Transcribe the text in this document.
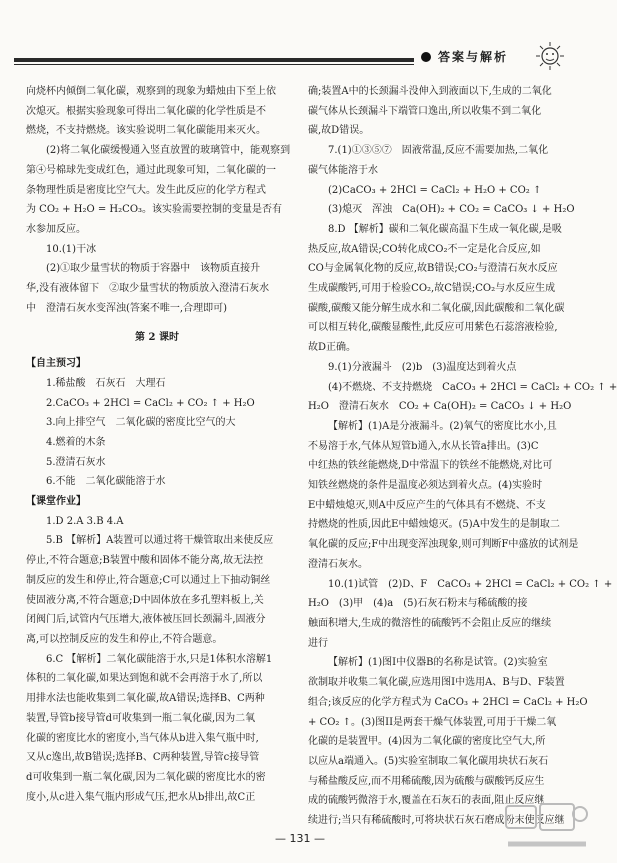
答案与解析

向烧杯内倾倒二氧化碳，观察到的现象为蜡烛由下至上依

次熄灭。根据实验现象可得出二氧化碳的化学性质是不

燃烧，不支持燃烧。该实验说明二氧化碳能用来灭火。

(2)将二氧化碳缓慢通入竖直放置的玻璃管中，能观察到

第④号棉球先变成红色，通过此现象可知，二氧化碳的一

条物理性质是密度比空气大。发生此反应的化学方程式

为 CO₂ + H₂O = H₂CO₃。该实验需要控制的变量是否有

水参加反应。

10.(1)干冰

(2)①取少量雪状的物质于容器中　该物质直接升

华,没有液体留下　②取少量雪状的物质放入澄清石灰水

中　澄清石灰水变浑浊(答案不唯一,合理即可)

第 2 课时

【自主预习】

1.稀盐酸　石灰石　大理石

2.CaCO₃ + 2HCl = CaCl₂ + CO₂ ↑ + H₂O

3.向上排空气　二氧化碳的密度比空气的大

4.燃着的木条

5.澄清石灰水

6.不能　二氧化碳能溶于水

【课堂作业】

1.D 2.A 3.B 4.A

5.B 【解析】A装置可以通过将干燥管取出来使反应

停止,不符合题意;B装置中酸和固体不能分离,故无法控

制反应的发生和停止,符合题意;C可以通过上下抽动铜丝

使固液分离,不符合题意;D中固体放在多孔塑料板上,关

闭阀门后,试管内气压增大,液体被压回长颈漏斗,固液分

离,可以控制反应的发生和停止,不符合题意。

6.C 【解析】二氧化碳能溶于水,只是1体积水溶解1

体积的二氧化碳,如果达到饱和就不会再溶于水了,所以

用排水法也能收集到二氧化碳,故A错误;选择B、C两种

装置,导管b接导管d可收集到一瓶二氧化碳,因为二氧

化碳的密度比水的密度小,当气体从b进入集气瓶中时,

又从c逸出,故B错误;选择B、C两种装置,导管c接导管

d可收集到一瓶二氧化碳,因为二氧化碳的密度比水的密

度小,从c进入集气瓶内形成气压,把水从b排出,故C正

确;装置A中的长颈漏斗没伸入到液面以下,生成的二氧化

碳气体从长颈漏斗下端管口逸出,所以收集不到二氧化

碳,故D错误。

7.(1)①③⑤⑦　固液常温,反应不需要加热,二氧化

碳气体能溶于水

(2)CaCO₃ + 2HCl = CaCl₂ + H₂O + CO₂ ↑

(3)熄灭　浑浊　Ca(OH)₂ + CO₂ = CaCO₃ ↓ + H₂O

8.D 【解析】碳和二氧化碳高温下生成一氧化碳,是吸

热反应,故A错误;CO转化成CO₂不一定是化合反应,如

CO与金属氧化物的反应,故B错误;CO₂与澄清石灰水反应

生成碳酸钙,可用于检验CO₂,故C错误;CO₂与水反应生成

碳酸,碳酸又能分解生成水和二氧化碳,因此碳酸和二氧化碳

可以相互转化,碳酸显酸性,此反应可用紫色石蕊溶液检验,

故D正确。

9.(1)分液漏斗　(2)b　(3)温度达到着火点

(4)不燃烧、不支持燃烧　CaCO₃ + 2HCl = CaCl₂ + CO₂ ↑ +

H₂O　澄清石灰水　CO₂ + Ca(OH)₂ = CaCO₃ ↓ + H₂O

【解析】(1)A是分液漏斗。(2)氧气的密度比水小,且

不易溶于水,气体从短管b通入,水从长管a排出。(3)C

中红热的铁丝能燃烧,D中常温下的铁丝不能燃烧,对比可

知铁丝燃烧的条件是温度必须达到着火点。(4)实验时

E中蜡烛熄灭,则A中反应产生的气体具有不燃烧、不支

持燃烧的性质,因此E中蜡烛熄灭。(5)A中发生的是制取二

氧化碳的反应;F中出现变浑浊现象,则可判断F中盛放的试剂是

澄清石灰水。

10.(1)试管　(2)D、F　CaCO₃ + 2HCl = CaCl₂ + CO₂ ↑ +

H₂O　(3)甲　(4)a　(5)石灰石粉末与稀硫酸的接

触面积增大,生成的微溶性的硫酸钙不会阻止反应的继续

进行

【解析】(1)图I中仪器B的名称是试管。(2)实验室

欲制取并收集二氧化碳,应选用图I中选用A、B与D、F装置

组合;该反应的化学方程式为 CaCO₃ + 2HCl = CaCl₂ + H₂O

+ CO₂ ↑。(3)图II是两套干燥气体装置,可用于干燥二氧

化碳的是装置甲。(4)因为二氧化碳的密度比空气大,所

以应从a端通入。(5)实验室制取二氧化碳用块状石灰石

与稀盐酸反应,而不用稀硫酸,因为硫酸与碳酸钙反应生

成的硫酸钙微溶于水,覆盖在石灰石的表面,阻止反应继

续进行;当只有稀硫酸时,可将块状石灰石磨成粉末使反应继

— 131 —
